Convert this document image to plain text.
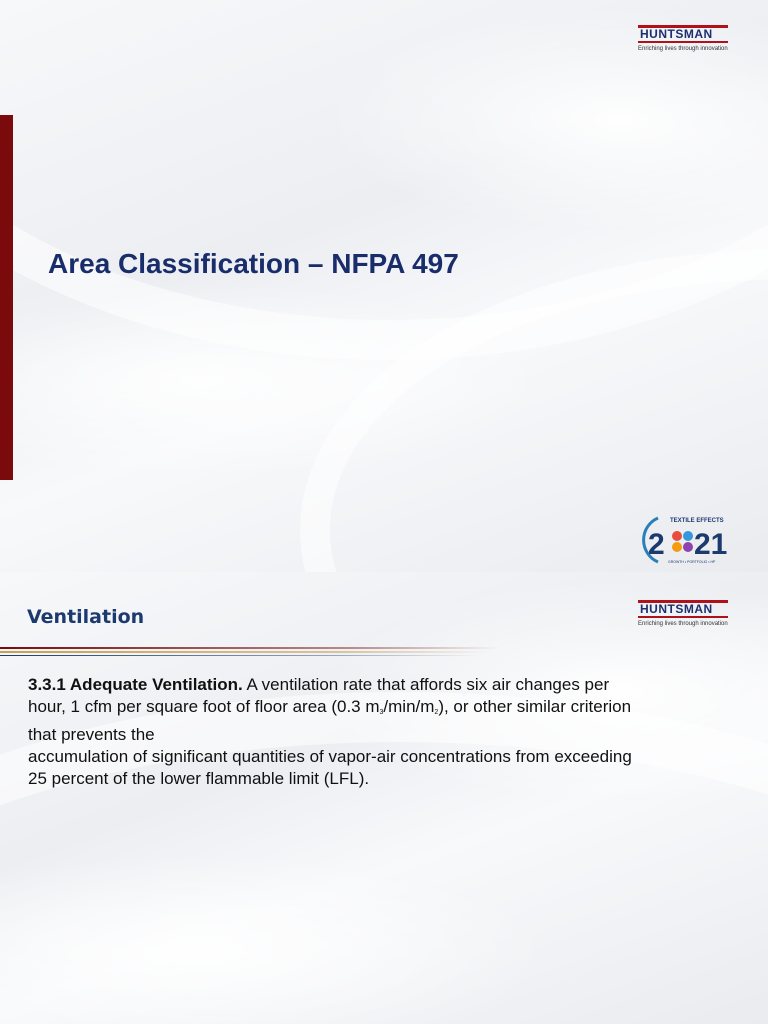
HUNTSMAN
Enriching lives through innovation
Area Classification – NFPA 497
TEXTILE EFFECTS
2 21
GROWTH • PORTFOLIO • HP
Ventilation	HUNTSMAN
Enriching lives through innovation

3.3.1 Adequate Ventilation. A ventilation rate that affords six air changes per
hour, 1 cfm per square foot of floor area (0.3 $m_3/\min/m_2$), or other similar criterion
that prevents the
accumulation of significant quantities of vapor-air concentrations from exceeding
25 percent of the lower flammable limit (LFL).
